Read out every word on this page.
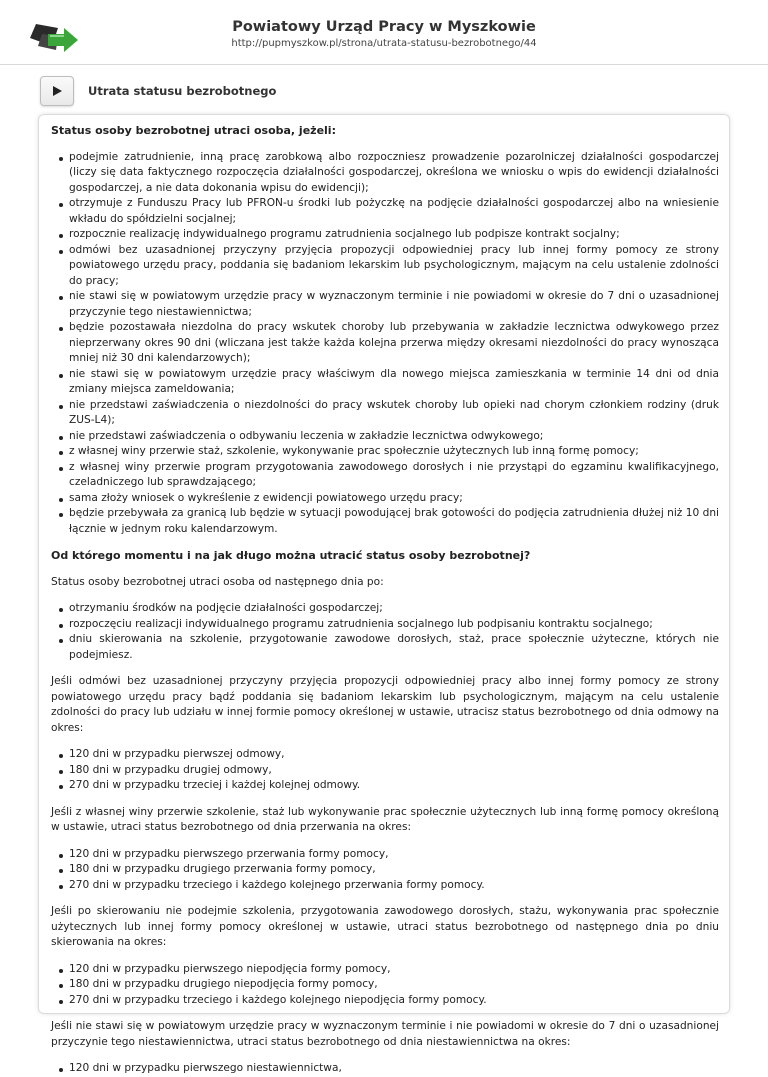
Powiatowy Urząd Pracy w Myszkowie
http://pupmyszkow.pl/strona/utrata-statusu-bezrobotnego/44
Utrata statusu bezrobotnego
Status osoby bezrobotnej utraci osoba, jeżeli:
podejmie zatrudnienie, inną pracę zarobkową albo rozpoczniesz prowadzenie pozarolniczej działalności gospodarczej (liczy się data faktycznego rozpoczęcia działalności gospodarczej, określona we wniosku o wpis do ewidencji działalności gospodarczej, a nie data dokonania wpisu do ewidencji);
otrzymuje z Funduszu Pracy lub PFRON-u środki lub pożyczkę na podjęcie działalności gospodarczej albo na wniesienie wkładu do spółdzielni socjalnej;
rozpocznie realizację indywidualnego programu zatrudnienia socjalnego lub podpisze kontrakt socjalny;
odmówi bez uzasadnionej przyczyny przyjęcia propozycji odpowiedniej pracy lub innej formy pomocy ze strony powiatowego urzędu pracy, poddania się badaniom lekarskim lub psychologicznym, mającym na celu ustalenie zdolności do pracy;
nie stawi się w powiatowym urzędzie pracy w wyznaczonym terminie i nie powiadomi w okresie do 7 dni o uzasadnionej przyczynie tego niestawiennictwa;
będzie pozostawała niezdolna do pracy wskutek choroby lub przebywania w zakładzie lecznictwa odwykowego przez nieprzerwany okres 90 dni (wliczana jest także każda kolejna przerwa między okresami niezdolności do pracy wynosząca mniej niż 30 dni kalendarzowych);
nie stawi się w powiatowym urzędzie pracy właściwym dla nowego miejsca zamieszkania w terminie 14 dni od dnia zmiany miejsca zameldowania;
nie przedstawi zaświadczenia o niezdolności do pracy wskutek choroby lub opieki nad chorym członkiem rodziny (druk ZUS-L4);
nie przedstawi zaświadczenia o odbywaniu leczenia w zakładzie lecznictwa odwykowego;
z własnej winy przerwie staż, szkolenie, wykonywanie prac społecznie użytecznych lub inną formę pomocy;
z własnej winy przerwie program przygotowania zawodowego dorosłych i nie przystąpi do egzaminu kwalifikacyjnego, czeladniczego lub sprawdzającego;
sama złoży wniosek o wykreślenie z ewidencji powiatowego urzędu pracy;
będzie przebywała za granicą lub będzie w sytuacji powodującej brak gotowości do podjęcia zatrudnienia dłużej niż 10 dni łącznie w jednym roku kalendarzowym.
Od którego momentu i na jak długo można utracić status osoby bezrobotnej?

Status osoby bezrobotnej utraci osoba od następnego dnia po:

otrzymaniu środków na podjęcie działalności gospodarczej;
rozpoczęciu realizacji indywidualnego programu zatrudnienia socjalnego lub podpisaniu kontraktu socjalnego;
dniu skierowania na szkolenie, przygotowanie zawodowe dorosłych, staż, prace społecznie użyteczne, których nie podejmiesz.

Jeśli odmówi bez uzasadnionej przyczyny przyjęcia propozycji odpowiedniej pracy albo innej formy pomocy ze strony powiatowego urzędu pracy bądź poddania się badaniom lekarskim lub psychologicznym, mającym na celu ustalenie zdolności do pracy lub udziału w innej formie pomocy określonej w ustawie, utracisz status bezrobotnego od dnia odmowy na okres:

120 dni w przypadku pierwszej odmowy,
180 dni w przypadku drugiej odmowy,
270 dni w przypadku trzeciej i każdej kolejnej odmowy.

Jeśli z własnej winy przerwie szkolenie, staż lub wykonywanie prac społecznie użytecznych lub inną formę pomocy określoną w ustawie, utraci status bezrobotnego od dnia przerwania na okres:

120 dni w przypadku pierwszego przerwania formy pomocy,
180 dni w przypadku drugiego przerwania formy pomocy,
270 dni w przypadku trzeciego i każdego kolejnego przerwania formy pomocy.

Jeśli po skierowaniu nie podejmie szkolenia, przygotowania zawodowego dorosłych, stażu, wykonywania prac społecznie użytecznych lub innej formy pomocy określonej w ustawie, utraci status bezrobotnego od następnego dnia po dniu skierowania na okres:

120 dni w przypadku pierwszego niepodjęcia formy pomocy,
180 dni w przypadku drugiego niepodjęcia formy pomocy,
270 dni w przypadku trzeciego i każdego kolejnego niepodjęcia formy pomocy.

Jeśli nie stawi się w powiatowym urzędzie pracy w wyznaczonym terminie i nie powiadomi w okresie do 7 dni o uzasadnionej przyczynie tego niestawiennictwa, utraci status bezrobotnego od dnia niestawiennictwa na okres:

120 dni w przypadku pierwszego niestawiennictwa,
